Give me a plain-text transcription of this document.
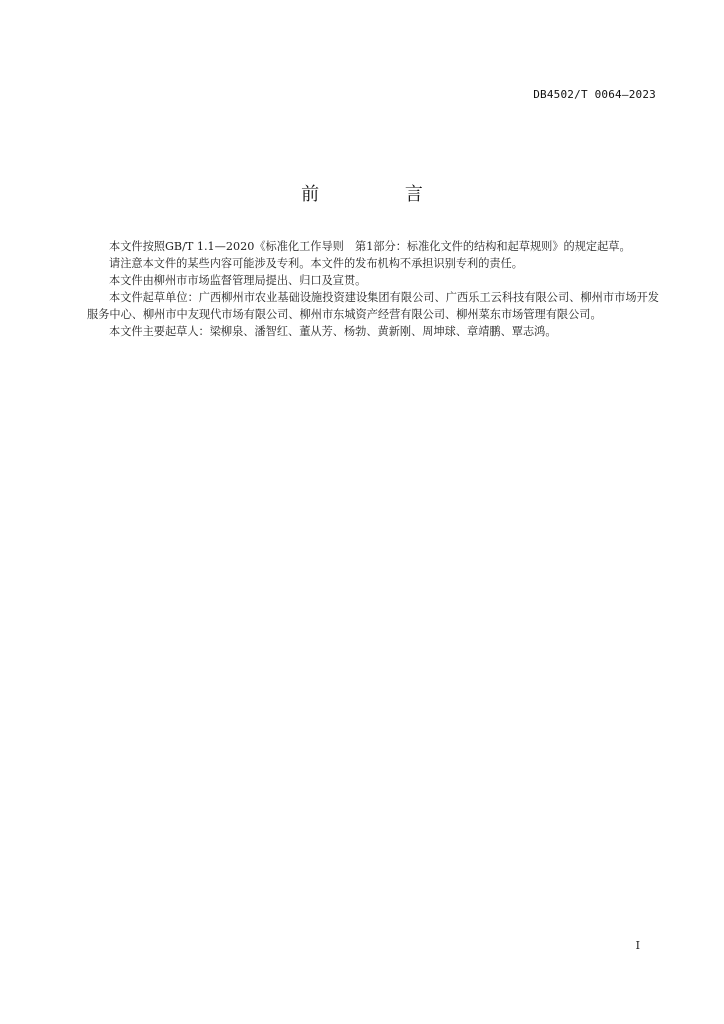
DB4502/T 0064—2023
前 言

本文件按照GB/T 1.1—2020《标准化工作导则　第1部分：标准化文件的结构和起草规则》的规定起草。

请注意本文件的某些内容可能涉及专利。本文件的发布机构不承担识别专利的责任。

本文件由柳州市市场监督管理局提出、归口及宣贯。

本文件起草单位：广西柳州市农业基础设施投资建设集团有限公司、广西乐工云科技有限公司、柳州市市场开发服务中心、柳州市中友现代市场有限公司、柳州市东城资产经营有限公司、柳州菜东市场管理有限公司。

本文件主要起草人：梁柳泉、潘智红、董从芳、杨勃、黄新刚、周坤球、章靖鹏、覃志鸿。

I
